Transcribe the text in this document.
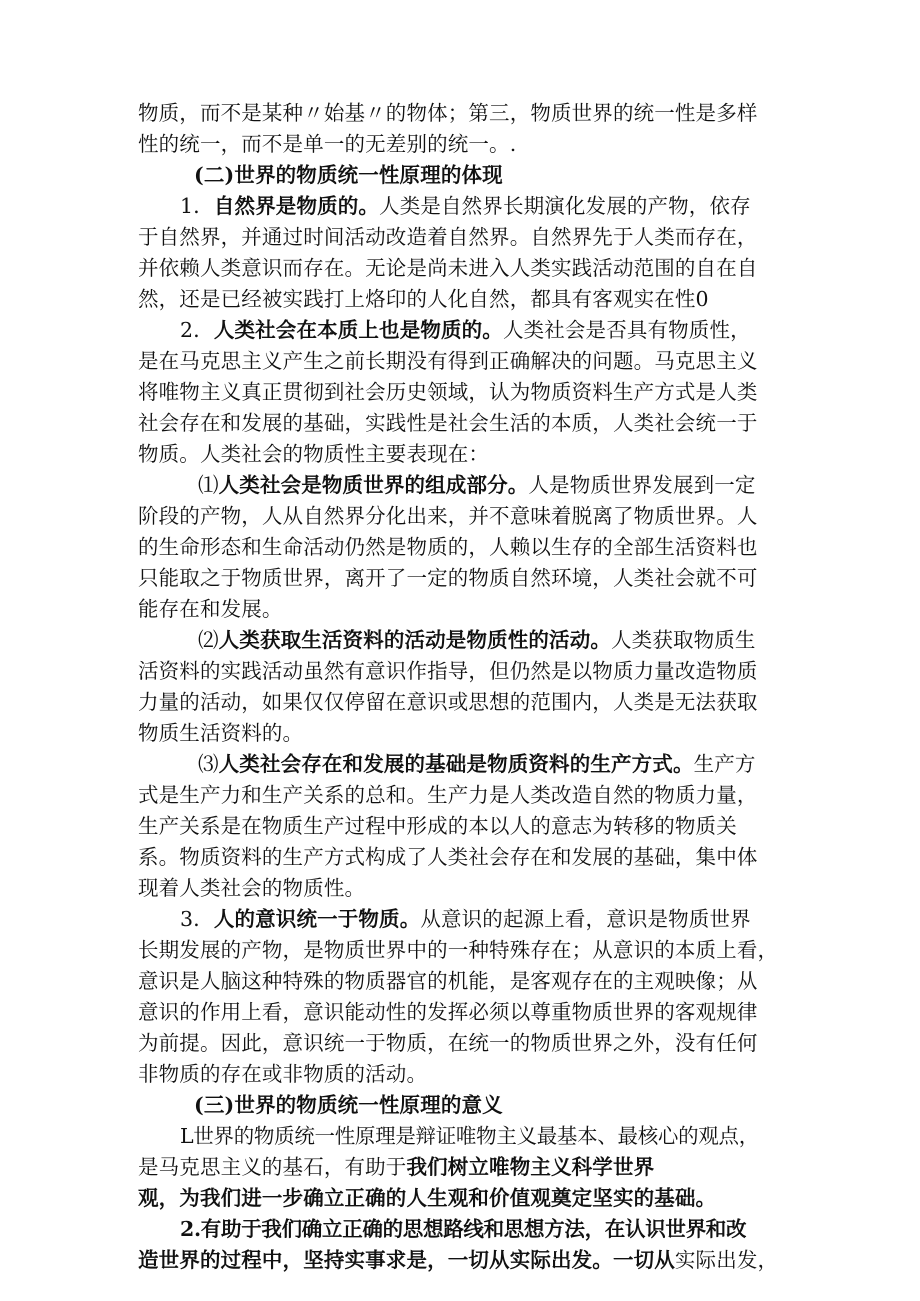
物质，而不是某种〃始基〃的物体；第三，物质世界的统一性是多样
性的统一，而不是单一的无差别的统一。.
(二)世界的物质统一性原理的体现
1．自然界是物质的。人类是自然界长期演化发展的产物，依存
于自然界，并通过时间活动改造着自然界。自然界先于人类而存在，
并依赖人类意识而存在。无论是尚未进入人类实践活动范围的自在自
然，还是已经被实践打上烙印的人化自然，都具有客观实在性0
2．人类社会在本质上也是物质的。人类社会是否具有物质性，
是在马克思主义产生之前长期没有得到正确解决的问题。马克思主义
将唯物主义真正贯彻到社会历史领域，认为物质资料生产方式是人类
社会存在和发展的基础，实践性是社会生活的本质，人类社会统一于
物质。人类社会的物质性主要表现在：
⑴人类社会是物质世界的组成部分。人是物质世界发展到一定
阶段的产物，人从自然界分化出来，并不意味着脱离了物质世界。人
的生命形态和生命活动仍然是物质的，人赖以生存的全部生活资料也
只能取之于物质世界，离开了一定的物质自然环境，人类社会就不可
能存在和发展。
⑵人类获取生活资料的活动是物质性的活动。人类获取物质生
活资料的实践活动虽然有意识作指导，但仍然是以物质力量改造物质
力量的活动，如果仅仅停留在意识或思想的范围内，人类是无法获取
物质生活资料的。
⑶人类社会存在和发展的基础是物质资料的生产方式。生产方
式是生产力和生产关系的总和。生产力是人类改造自然的物质力量，
生产关系是在物质生产过程中形成的本以人的意志为转移的物质关
系。物质资料的生产方式构成了人类社会存在和发展的基础，集中体
现着人类社会的物质性。
3．人的意识统一于物质。从意识的起源上看，意识是物质世界
长期发展的产物，是物质世界中的一种特殊存在；从意识的本质上看，
意识是人脑这种特殊的物质器官的机能，是客观存在的主观映像；从
意识的作用上看，意识能动性的发挥必须以尊重物质世界的客观规律
为前提。因此，意识统一于物质，在统一的物质世界之外，没有任何
非物质的存在或非物质的活动。
(三)世界的物质统一性原理的意义
L世界的物质统一性原理是辩证唯物主义最基本、最核心的观点，
是马克思主义的基石，有助于我们树立唯物主义科学世界
观，为我们进一步确立正确的人生观和价值观奠定坚实的基础。
2.有助于我们确立正确的思想路线和思想方法，在认识世界和改
造世界的过程中，坚持实事求是，一切从实际出发。一切从实际出发，
